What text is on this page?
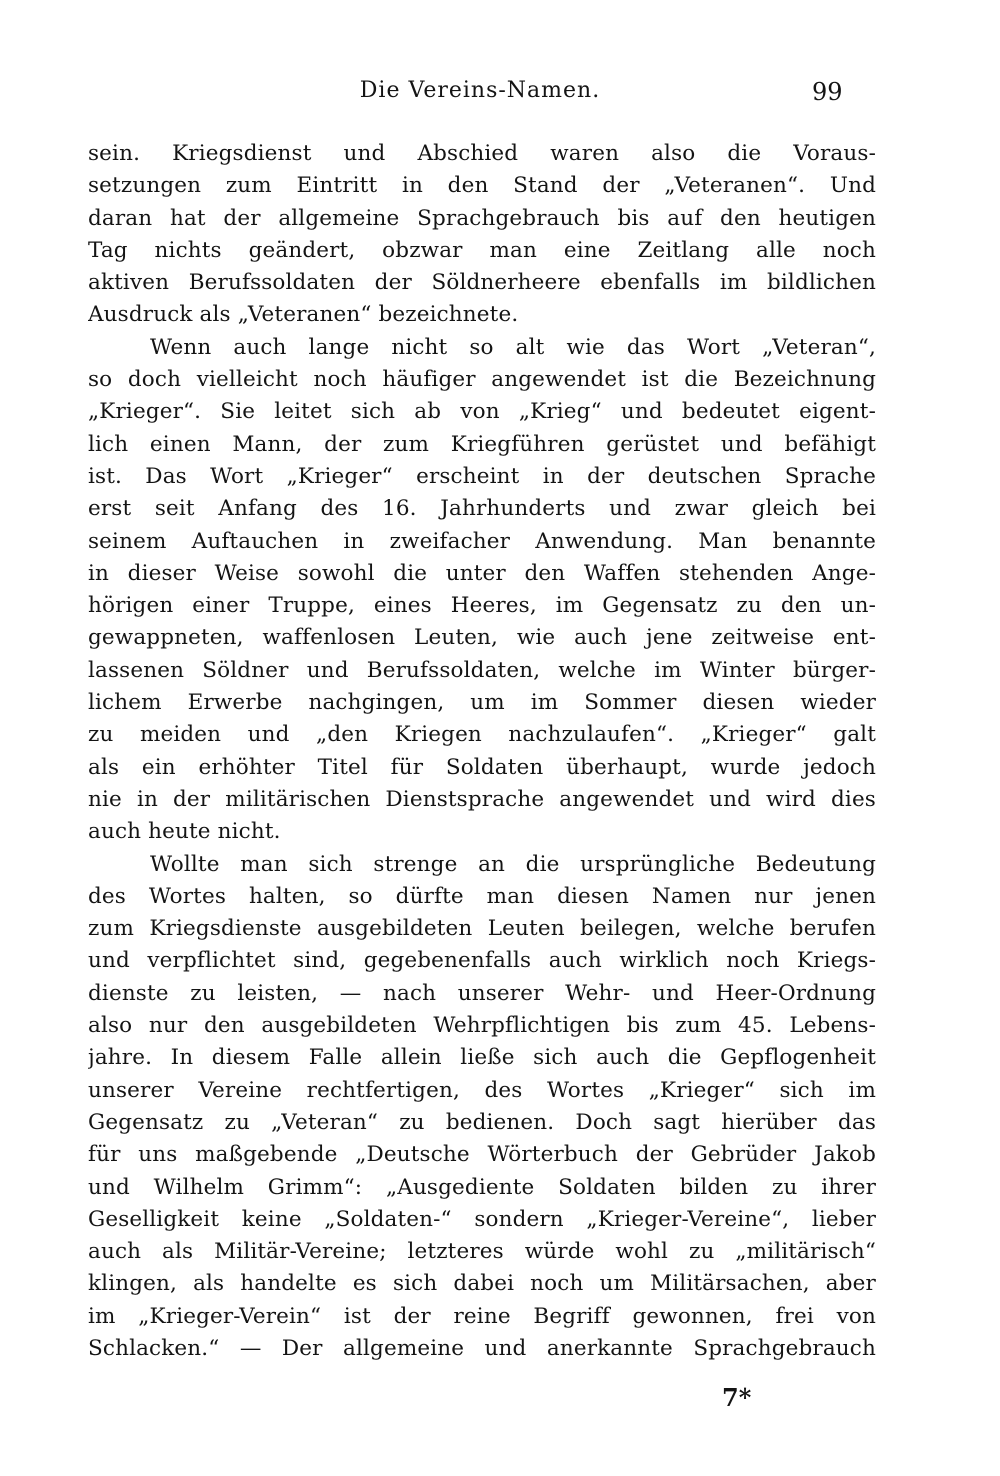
Die Vereins-Namen.	99
sein. Kriegsdienst und Abschied waren also die Voraus-
setzungen zum Eintritt in den Stand der „Veteranen“. Und
daran hat der allgemeine Sprachgebrauch bis auf den heutigen
Tag nichts geändert, obzwar man eine Zeitlang alle noch
aktiven Berufssoldaten der Söldnerheere ebenfalls im bildlichen
Ausdruck als „Veteranen“ bezeichnete.
Wenn auch lange nicht so alt wie das Wort „Veteran“,
so doch vielleicht noch häufiger angewendet ist die Bezeichnung
„Krieger“. Sie leitet sich ab von „Krieg“ und bedeutet eigent-
lich einen Mann, der zum Kriegführen gerüstet und befähigt
ist. Das Wort „Krieger“ erscheint in der deutschen Sprache
erst seit Anfang des 16. Jahrhunderts und zwar gleich bei
seinem Auftauchen in zweifacher Anwendung. Man benannte
in dieser Weise sowohl die unter den Waffen stehenden Ange-
hörigen einer Truppe, eines Heeres, im Gegensatz zu den un-
gewappneten, waffenlosen Leuten, wie auch jene zeitweise ent-
lassenen Söldner und Berufssoldaten, welche im Winter bürger-
lichem Erwerbe nachgingen, um im Sommer diesen wieder
zu meiden und „den Kriegen nachzulaufen“. „Krieger“ galt
als ein erhöhter Titel für Soldaten überhaupt, wurde jedoch
nie in der militärischen Dienstsprache angewendet und wird dies
auch heute nicht.
Wollte man sich strenge an die ursprüngliche Bedeutung
des Wortes halten, so dürfte man diesen Namen nur jenen
zum Kriegsdienste ausgebildeten Leuten beilegen, welche berufen
und verpflichtet sind, gegebenenfalls auch wirklich noch Kriegs-
dienste zu leisten, — nach unserer Wehr- und Heer-Ordnung
also nur den ausgebildeten Wehrpflichtigen bis zum 45. Lebens-
jahre. In diesem Falle allein ließe sich auch die Gepflogenheit
unserer Vereine rechtfertigen, des Wortes „Krieger“ sich im
Gegensatz zu „Veteran“ zu bedienen. Doch sagt hierüber das
für uns maßgebende „Deutsche Wörterbuch der Gebrüder Jakob
und Wilhelm Grimm“: „Ausgediente Soldaten bilden zu ihrer
Geselligkeit keine „Soldaten-“ sondern „Krieger-Vereine“, lieber
auch als Militär-Vereine; letzteres würde wohl zu „militärisch“
klingen, als handelte es sich dabei noch um Militärsachen, aber
im „Krieger-Verein“ ist der reine Begriff gewonnen, frei von
Schlacken.“ — Der allgemeine und anerkannte Sprachgebrauch
7*
